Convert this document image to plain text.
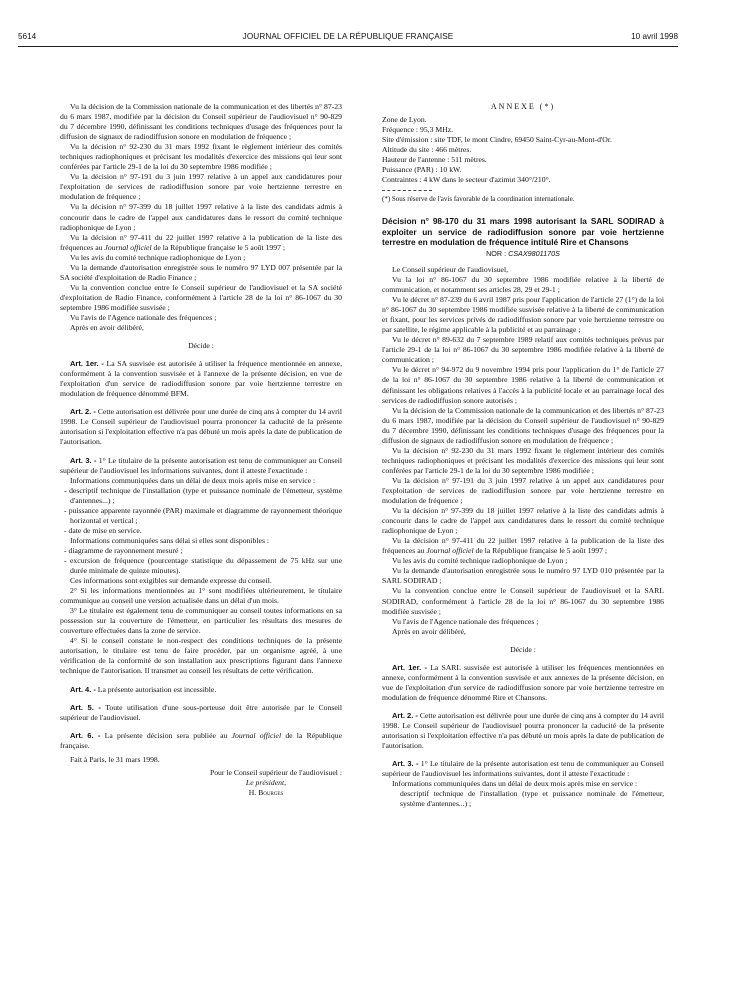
5614	JOURNAL OFFICIEL DE LA RÉPUBLIQUE FRANÇAISE	10 avril 1998

Vu la décision de la Commission nationale de la communication et des libertés n° 87-23 du 6 mars 1987, modifiée par la décision du Conseil supérieur de l'audiovisuel n° 90-829 du 7 décembre 1990, définissant les conditions techniques d'usage des fréquences pour la diffusion de signaux de radiodiffusion sonore en modulation de fréquence ;

Vu la décision n° 92-230 du 31 mars 1992 fixant le règlement intérieur des comités techniques radiophoniques et précisant les modalités d'exercice des missions qui leur sont conférées par l'article 29-1 de la loi du 30 septembre 1986 modifiée ;

Vu la décision n° 97-191 du 3 juin 1997 relative à un appel aux candidatures pour l'exploitation de services de radiodiffusion sonore par voie hertzienne terrestre en modulation de fréquence ;

Vu la décision n° 97-399 du 18 juillet 1997 relative à la liste des candidats admis à concourir dans le cadre de l'appel aux candidatures dans le ressort du comité technique radiophonique de Lyon ;

Vu la décision n° 97-411 du 22 juillet 1997 relative à la publication de la liste des fréquences au Journal officiel de la République française le 5 août 1997 ;

Vu les avis du comité technique radiophonique de Lyon ;

Vu la demande d'autorisation enregistrée sous le numéro 97 LYD 007 présentée par la SA société d'exploitation de Radio Finance ;

Vu la convention conclue entre le Conseil supérieur de l'audiovisuel et la SA société d'exploitation de Radio Finance, conformément à l'article 28 de la loi n° 86-1067 du 30 septembre 1986 modifiée susvisée ;

Vu l'avis de l'Agence nationale des fréquences ;

Après en avoir délibéré,

Décide :

Art. 1er. - La SA susvisée est autorisée à utiliser la fréquence mentionnée en annexe, conformément à la convention susvisée et à l'annexe de la présente décision, en vue de l'exploitation d'un service de radiodiffusion sonore par voie hertzienne terrestre en modulation de fréquence dénommé BFM.

Art. 2. - Cette autorisation est délivrée pour une durée de cinq ans à compter du 14 avril 1998. Le Conseil supérieur de l'audiovisuel pourra prononcer la caducité de la présente autorisation si l'exploitation effective n'a pas débuté un mois après la date de publication de l'autorisation.

Art. 3. - 1° Le titulaire de la présente autorisation est tenu de communiquer au Conseil supérieur de l'audiovisuel les informations suivantes, dont il atteste l'exactitude :

Informations communiquées dans un délai de deux mois après mise en service :

- descriptif technique de l'installation (type et puissance nominale de l'émetteur, système d'antennes...) ;

- puissance apparente rayonnée (PAR) maximale et diagramme de rayonnement théorique horizontal et vertical ;

- date de mise en service.

Informations communiquées sans délai si elles sont disponibles :

- diagramme de rayonnement mesuré ;

- excursion de fréquence (pourcentage statistique du dépassement de 75 kHz sur une durée minimale de quinze minutes).

Ces informations sont exigibles sur demande expresse du conseil.

2° Si les informations mentionnées au 1° sont modifiées ultérieurement, le titulaire communique au conseil une version actualisée dans un délai d'un mois.

3° Le titulaire est également tenu de communiquer au conseil toutes informations en sa possession sur la couverture de l'émetteur, en particulier les résultats des mesures de couverture effectuées dans la zone de service.

4° Si le conseil constate le non-respect des conditions techniques de la présente autorisation, le titulaire est tenu de faire procéder, par un organisme agréé, à une vérification de la conformité de son installation aux prescriptions figurant dans l'annexe technique de l'autorisation. Il transmet au conseil les résultats de cette vérification.

Art. 4. - La présente autorisation est incessible.

Art. 5. - Toute utilisation d'une sous-porteuse doit être autorisée par le Conseil supérieur de l'audiovisuel.

Art. 6. - La présente décision sera publiée au Journal officiel de la République française.

Fait à Paris, le 31 mars 1998.

Pour le Conseil supérieur de l'audiovisuel :

Le président,

H. Bourges

ANNEXE (*)

Zone de Lyon.

Fréquence : 95,3 MHz.

Site d'émission : site TDF, le mont Cindre, 69450 Saint-Cyr-au-Mont-d'Or.

Altitude du site : 466 mètres.

Hauteur de l'antenne : 511 mètres.

Puissance (PAR) : 10 kW.

Contraintes : 4 kW dans le secteur d'azimut 340°/210°.

(*) Sous réserve de l'avis favorable de la coordination internationale.

Décision n° 98-170 du 31 mars 1998 autorisant la SARL SODIRAD à exploiter un service de radiodiffusion sonore par voie hertzienne terrestre en modulation de fréquence intitulé Rire et Chansons
NOR : CSAX9801170S

Le Conseil supérieur de l'audiovisuel,

Vu la loi n° 86-1067 du 30 septembre 1986 modifiée relative à la liberté de communication, et notamment ses articles 28, 29 et 29-1 ;

Vu le décret n° 87-239 du 6 avril 1987 pris pour l'application de l'article 27 (1°) de la loi n° 86-1067 du 30 septembre 1986 modifiée susvisée relative à la liberté de communication et fixant, pour les services privés de radiodiffusion sonore par voie hertzienne terrestre ou par satellite, le régime applicable à la publicité et au parrainage ;

Vu le décret n° 89-632 du 7 septembre 1989 relatif aux comités techniques prévus par l'article 29-1 de la loi n° 86-1067 du 30 septembre 1986 modifiée relative à la liberté de communication ;

Vu le décret n° 94-972 du 9 novembre 1994 pris pour l'application du 1° de l'article 27 de la loi n° 86-1067 du 30 septembre 1986 relative à la liberté de communication et définissant les obligations relatives à l'accès à la publicité locale et au parrainage local des services de radiodiffusion sonore autorisés ;

Vu la décision de la Commission nationale de la communication et des libertés n° 87-23 du 6 mars 1987, modifiée par la décision du Conseil supérieur de l'audiovisuel n° 90-829 du 7 décembre 1990, définissant les conditions techniques d'usage des fréquences pour la diffusion de signaux de radiodiffusion sonore en modulation de fréquence ;

Vu la décision n° 92-230 du 31 mars 1992 fixant le règlement intérieur des comités techniques radiophoniques et précisant les modalités d'exercice des missions qui leur sont conférées par l'article 29-1 de la loi du 30 septembre 1986 modifiée ;

Vu la décision n° 97-191 du 3 juin 1997 relative à un appel aux candidatures pour l'exploitation de services de radiodiffusion sonore par voie hertzienne terrestre en modulation de fréquence ;

Vu la décision n° 97-399 du 18 juillet 1997 relative à la liste des candidats admis à concourir dans le cadre de l'appel aux candidatures dans le ressort du comité technique radiophonique de Lyon ;

Vu la décision n° 97-411 du 22 juillet 1997 relative à la publication de la liste des fréquences au Journal officiel de la République française le 5 août 1997 ;

Vu les avis du comité technique radiophonique de Lyon ;

Vu la demande d'autorisation enregistrée sous le numéro 97 LYD 010 présentée par la SARL SODIRAD ;

Vu la convention conclue entre le Conseil supérieur de l'audiovisuel et la SARL SODIRAD, conformément à l'article 28 de la loi n° 86-1067 du 30 septembre 1986 modifiée susvisée ;

Vu l'avis de l'Agence nationale des fréquences ;

Après en avoir délibéré,

Décide :

Art. 1er. - La SARL susvisée est autorisée à utiliser les fréquences mentionnées en annexe, conformément à la convention susvisée et aux annexes de la présente décision, en vue de l'exploitation d'un service de radiodiffusion sonore par voie hertzienne terrestre en modulation de fréquence dénommé Rire et Chansons.

Art. 2. - Cette autorisation est délivrée pour une durée de cinq ans à compter du 14 avril 1998. Le Conseil supérieur de l'audiovisuel pourra prononcer la caducité de la présente autorisation si l'exploitation effective n'a pas débuté un mois après la date de publication de l'autorisation.

Art. 3. - 1° Le titulaire de la présente autorisation est tenu de communiquer au Conseil supérieur de l'audiovisuel les informations suivantes, dont il atteste l'exactitude :

Informations communiquées dans un délai de deux mois après mise en service :

descriptif technique de l'installation (type et puissance nominale de l'émetteur, système d'antennes...) ;
